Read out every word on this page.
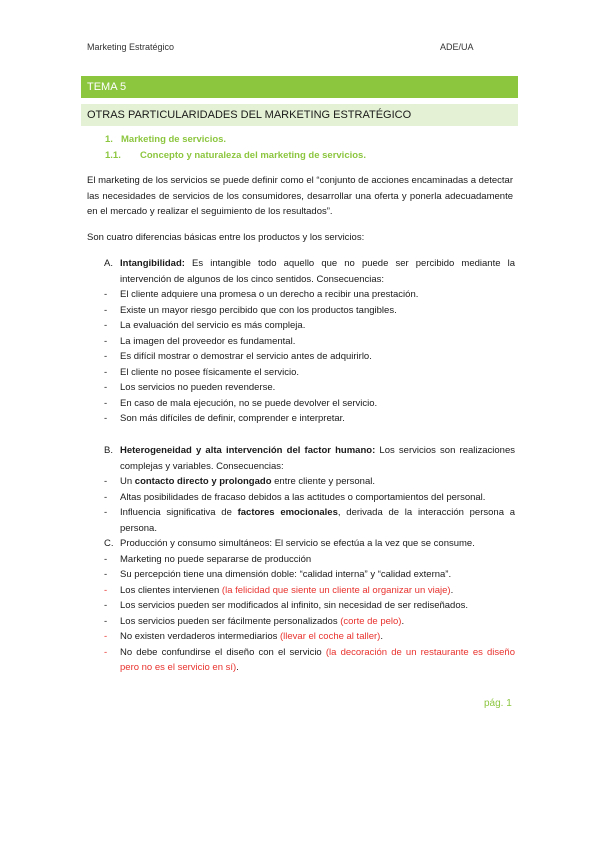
Marketing Estratégico	ADE/UA
TEMA 5
OTRAS PARTICULARIDADES DEL MARKETING ESTRATÉGICO
1. Marketing de servicios.
1.1. Concepto y naturaleza del marketing de servicios.
El marketing de los servicios se puede definir como el “conjunto de acciones encaminadas a detectar las necesidades de servicios de los consumidores, desarrollar una oferta y ponerla adecuadamente en el mercado y realizar el seguimiento de los resultados”.
Son cuatro diferencias básicas entre los productos y los servicios:
A. Intangibilidad: Es intangible todo aquello que no puede ser percibido mediante la intervención de algunos de los cinco sentidos. Consecuencias:
- El cliente adquiere una promesa o un derecho a recibir una prestación.
- Existe un mayor riesgo percibido que con los productos tangibles.
- La evaluación del servicio es más compleja.
- La imagen del proveedor es fundamental.
- Es difícil mostrar o demostrar el servicio antes de adquirirlo.
- El cliente no posee físicamente el servicio.
- Los servicios no pueden revenderse.
- En caso de mala ejecución, no se puede devolver el servicio.
- Son más difíciles de definir, comprender e interpretar.
B. Heterogeneidad y alta intervención del factor humano: Los servicios son realizaciones complejas y variables. Consecuencias:
- Un contacto directo y prolongado entre cliente y personal.
- Altas posibilidades de fracaso debidos a las actitudes o comportamientos del personal.
- Influencia significativa de factores emocionales, derivada de la interacción persona a persona.
C. Producción y consumo simultáneos: El servicio se efectúa a la vez que se consume.
- Marketing no puede separarse de producción
- Su percepción tiene una dimensión doble: “calidad interna” y “calidad externa”.
- Los clientes intervienen (la felicidad que siente un cliente al organizar un viaje).
- Los servicios pueden ser modificados al infinito, sin necesidad de ser rediseñados.
- Los servicios pueden ser fácilmente personalizados (corte de pelo).
- No existen verdaderos intermediarios (llevar el coche al taller).
- No debe confundirse el diseño con el servicio (la decoración de un restaurante es diseño pero no es el servicio en sí).
pág. 1
